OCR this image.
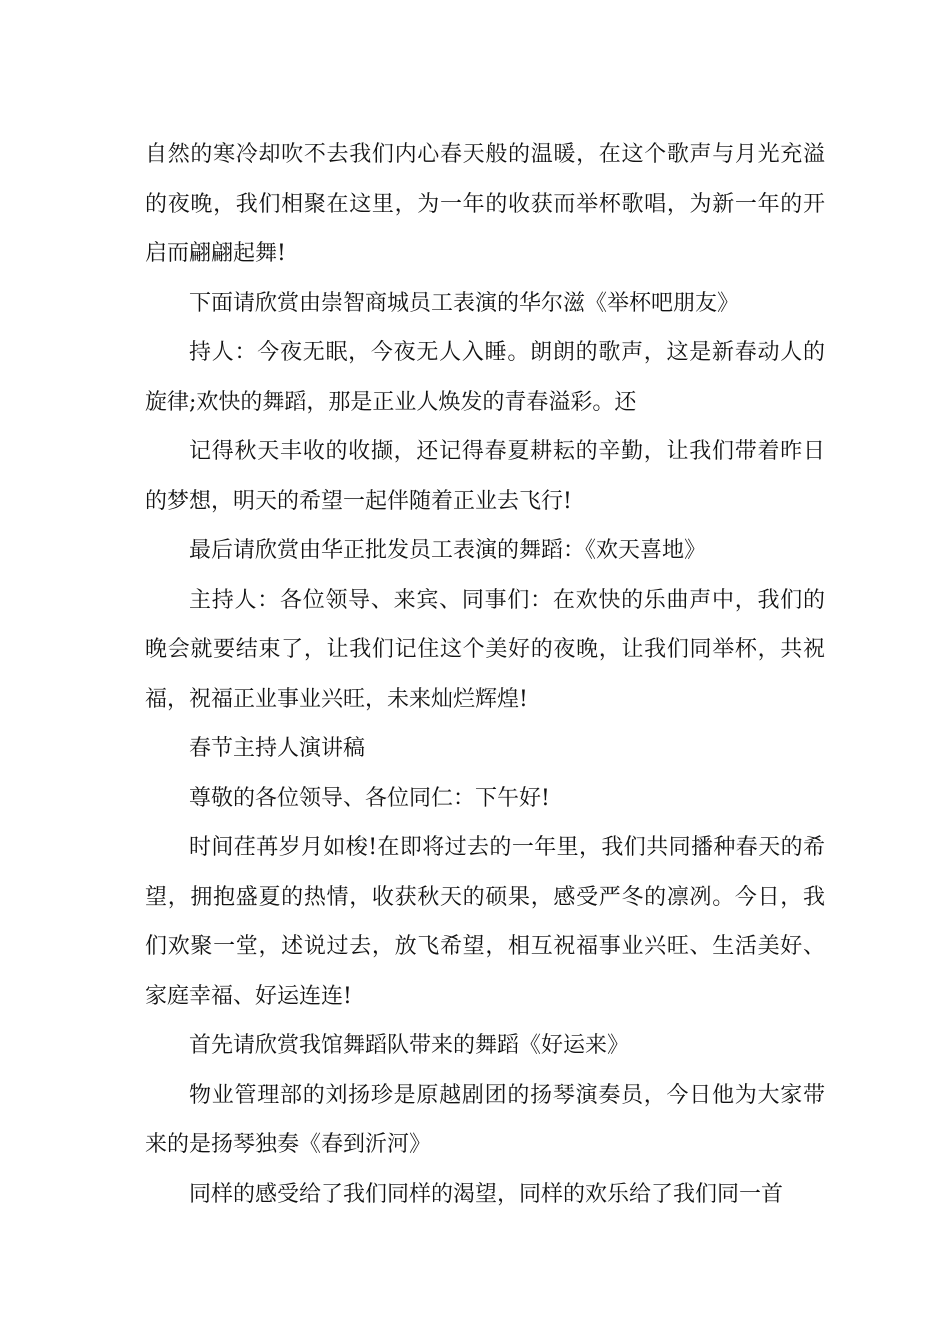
自然的寒冷却吹不去我们内心春天般的温暖，在这个歌声与月光充溢的夜晚，我们相聚在这里，为一年的收获而举杯歌唱，为新一年的开启而翩翩起舞!

下面请欣赏由崇智商城员工表演的华尔滋《举杯吧朋友》

持人：今夜无眠，今夜无人入睡。朗朗的歌声，这是新春动人的旋律;欢快的舞蹈，那是正业人焕发的青春溢彩。还

记得秋天丰收的收撷，还记得春夏耕耘的辛勤，让我们带着昨日的梦想，明天的希望一起伴随着正业去飞行!

最后请欣赏由华正批发员工表演的舞蹈：《欢天喜地》

主持人：各位领导、来宾、同事们：在欢快的乐曲声中，我们的晚会就要结束了，让我们记住这个美好的夜晚，让我们同举杯，共祝福，祝福正业事业兴旺，未来灿烂辉煌!

春节主持人演讲稿

尊敬的各位领导、各位同仁：下午好!

时间荏苒岁月如梭!在即将过去的一年里，我们共同播种春天的希望，拥抱盛夏的热情，收获秋天的硕果，感受严冬的凛冽。今日，我们欢聚一堂，述说过去，放飞希望，相互祝福事业兴旺、生活美好、家庭幸福、好运连连!

首先请欣赏我馆舞蹈队带来的舞蹈《好运来》

物业管理部的刘扬珍是原越剧团的扬琴演奏员，今日他为大家带来的是扬琴独奏《春到沂河》

同样的感受给了我们同样的渴望，同样的欢乐给了我们同一首
